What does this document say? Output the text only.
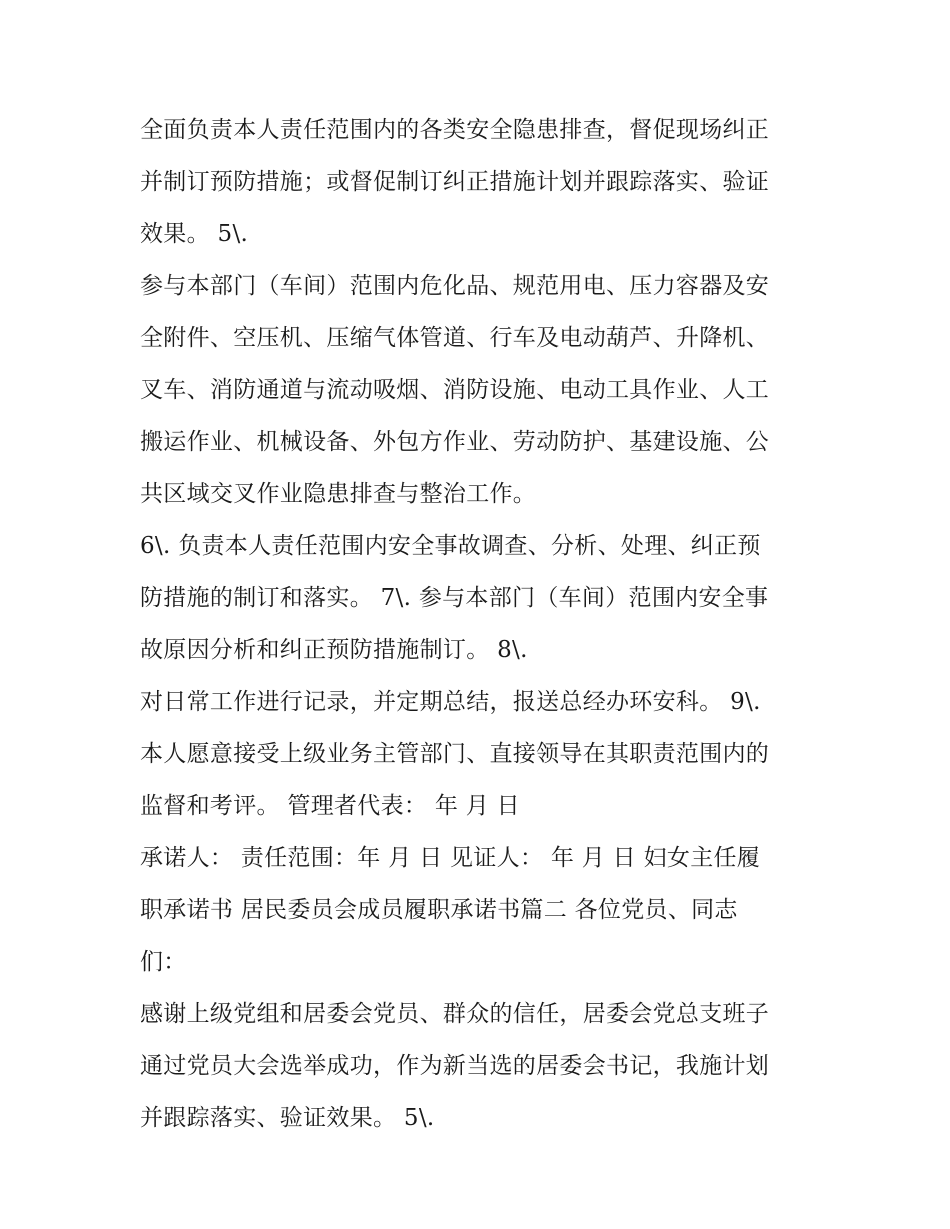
全面负责本人责任范围内的各类安全隐患排查，督促现场纠正
并制订预防措施；或督促制订纠正措施计划并跟踪落实、验证
效果。 5\.
参与本部门（车间）范围内危化品、规范用电、压力容器及安
全附件、空压机、压缩气体管道、行车及电动葫芦、升降机、
叉车、消防通道与流动吸烟、消防设施、电动工具作业、人工
搬运作业、机械设备、外包方作业、劳动防护、基建设施、公
共区域交叉作业隐患排查与整治工作。
6\. 负责本人责任范围内安全事故调查、分析、处理、纠正预
防措施的制订和落实。 7\. 参与本部门（车间）范围内安全事
故原因分析和纠正预防措施制订。 8\.
对日常工作进行记录，并定期总结，报送总经办环安科。 9\.
本人愿意接受上级业务主管部门、直接领导在其职责范围内的
监督和考评。 管理者代表： 年 月 日
承诺人： 责任范围：年 月 日 见证人： 年 月 日 妇女主任履
职承诺书 居民委员会成员履职承诺书篇二 各位党员、同志
们：
感谢上级党组和居委会党员、群众的信任，居委会党总支班子
通过党员大会选举成功，作为新当选的居委会书记，我施计划
并跟踪落实、验证效果。 5\.
